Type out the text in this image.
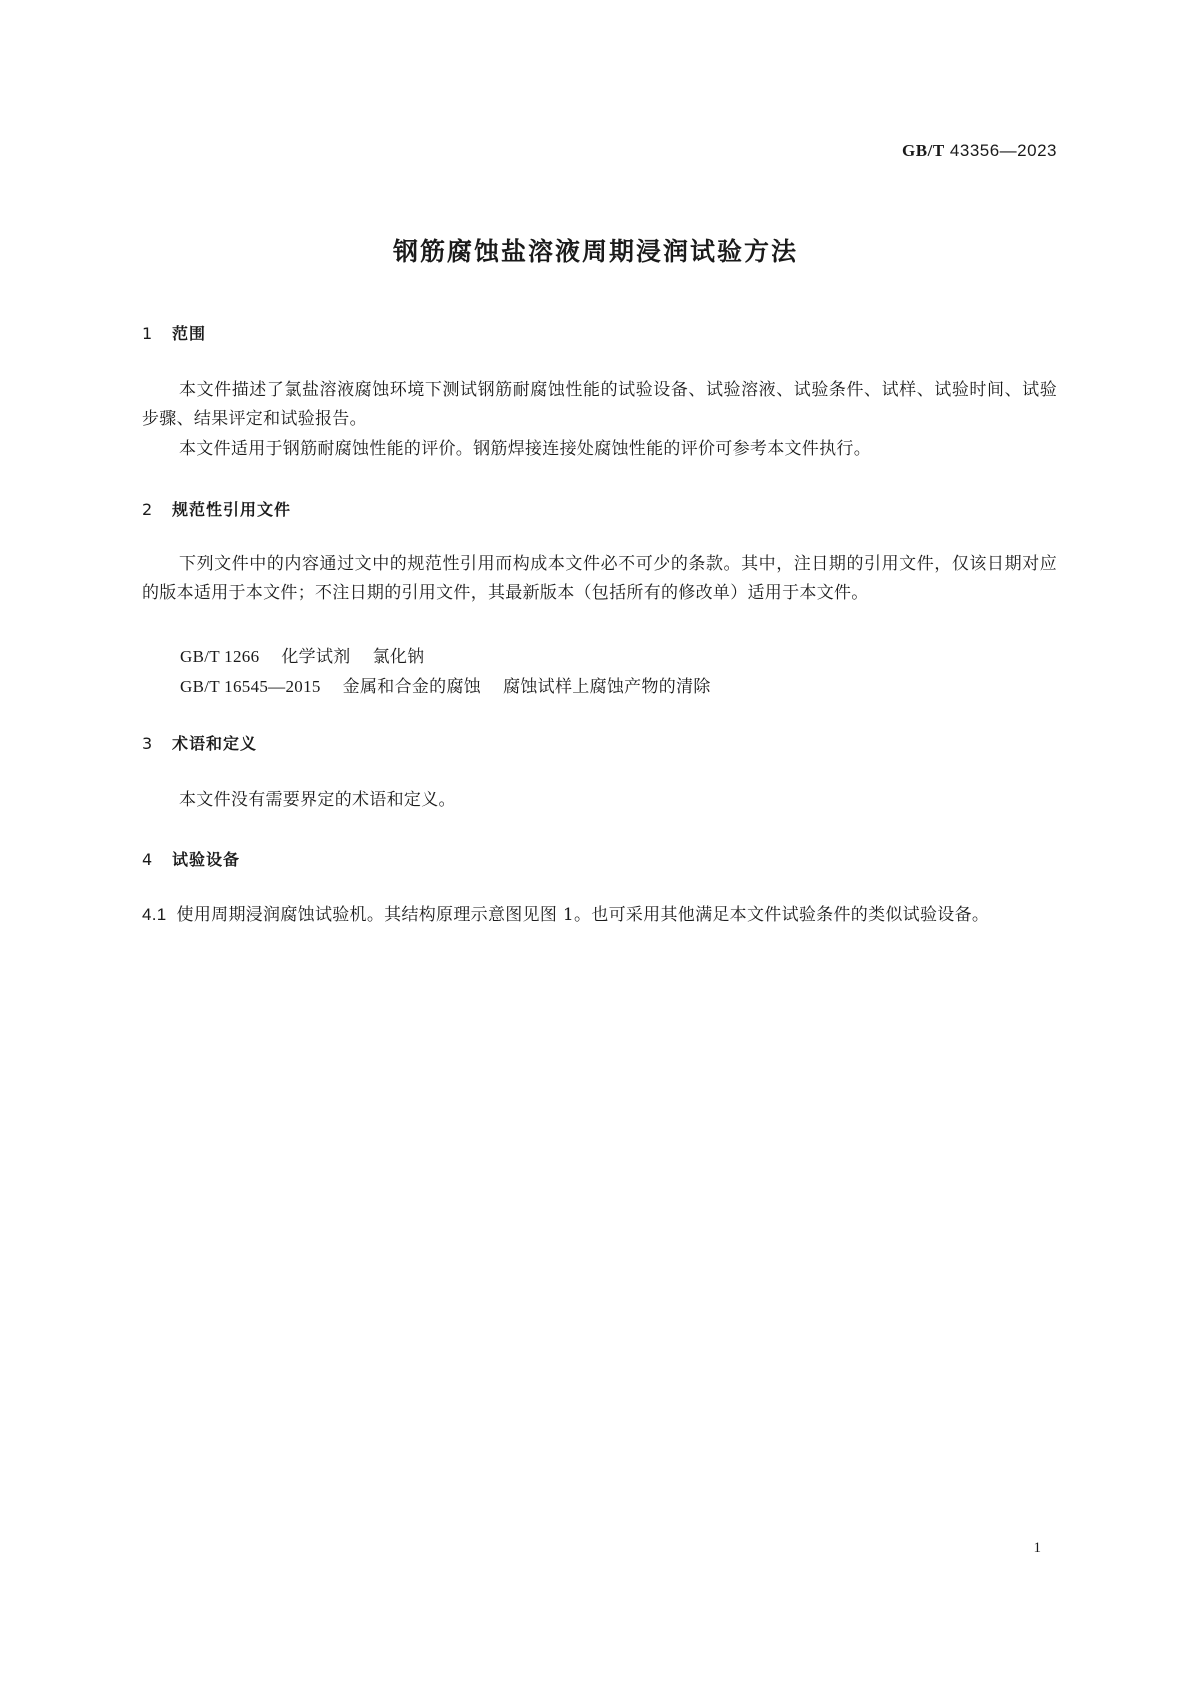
GB/T 43356—2023
钢筋腐蚀盐溶液周期浸润试验方法
1 范围
本文件描述了氯盐溶液腐蚀环境下测试钢筋耐腐蚀性能的试验设备、试验溶液、试验条件、试样、试验时间、试验步骤、结果评定和试验报告。
本文件适用于钢筋耐腐蚀性能的评价。钢筋焊接连接处腐蚀性能的评价可参考本文件执行。
2 规范性引用文件
下列文件中的内容通过文中的规范性引用而构成本文件必不可少的条款。其中，注日期的引用文件，仅该日期对应的版本适用于本文件；不注日期的引用文件，其最新版本（包括所有的修改单）适用于本文件。
GB/T 1266 化学试剂 氯化钠
GB/T 16545—2015 金属和合金的腐蚀 腐蚀试样上腐蚀产物的清除
3 术语和定义
本文件没有需要界定的术语和定义。
4 试验设备
4.1 使用周期浸润腐蚀试验机。其结构原理示意图见图 1。也可采用其他满足本文件试验条件的类似试验设备。
1
